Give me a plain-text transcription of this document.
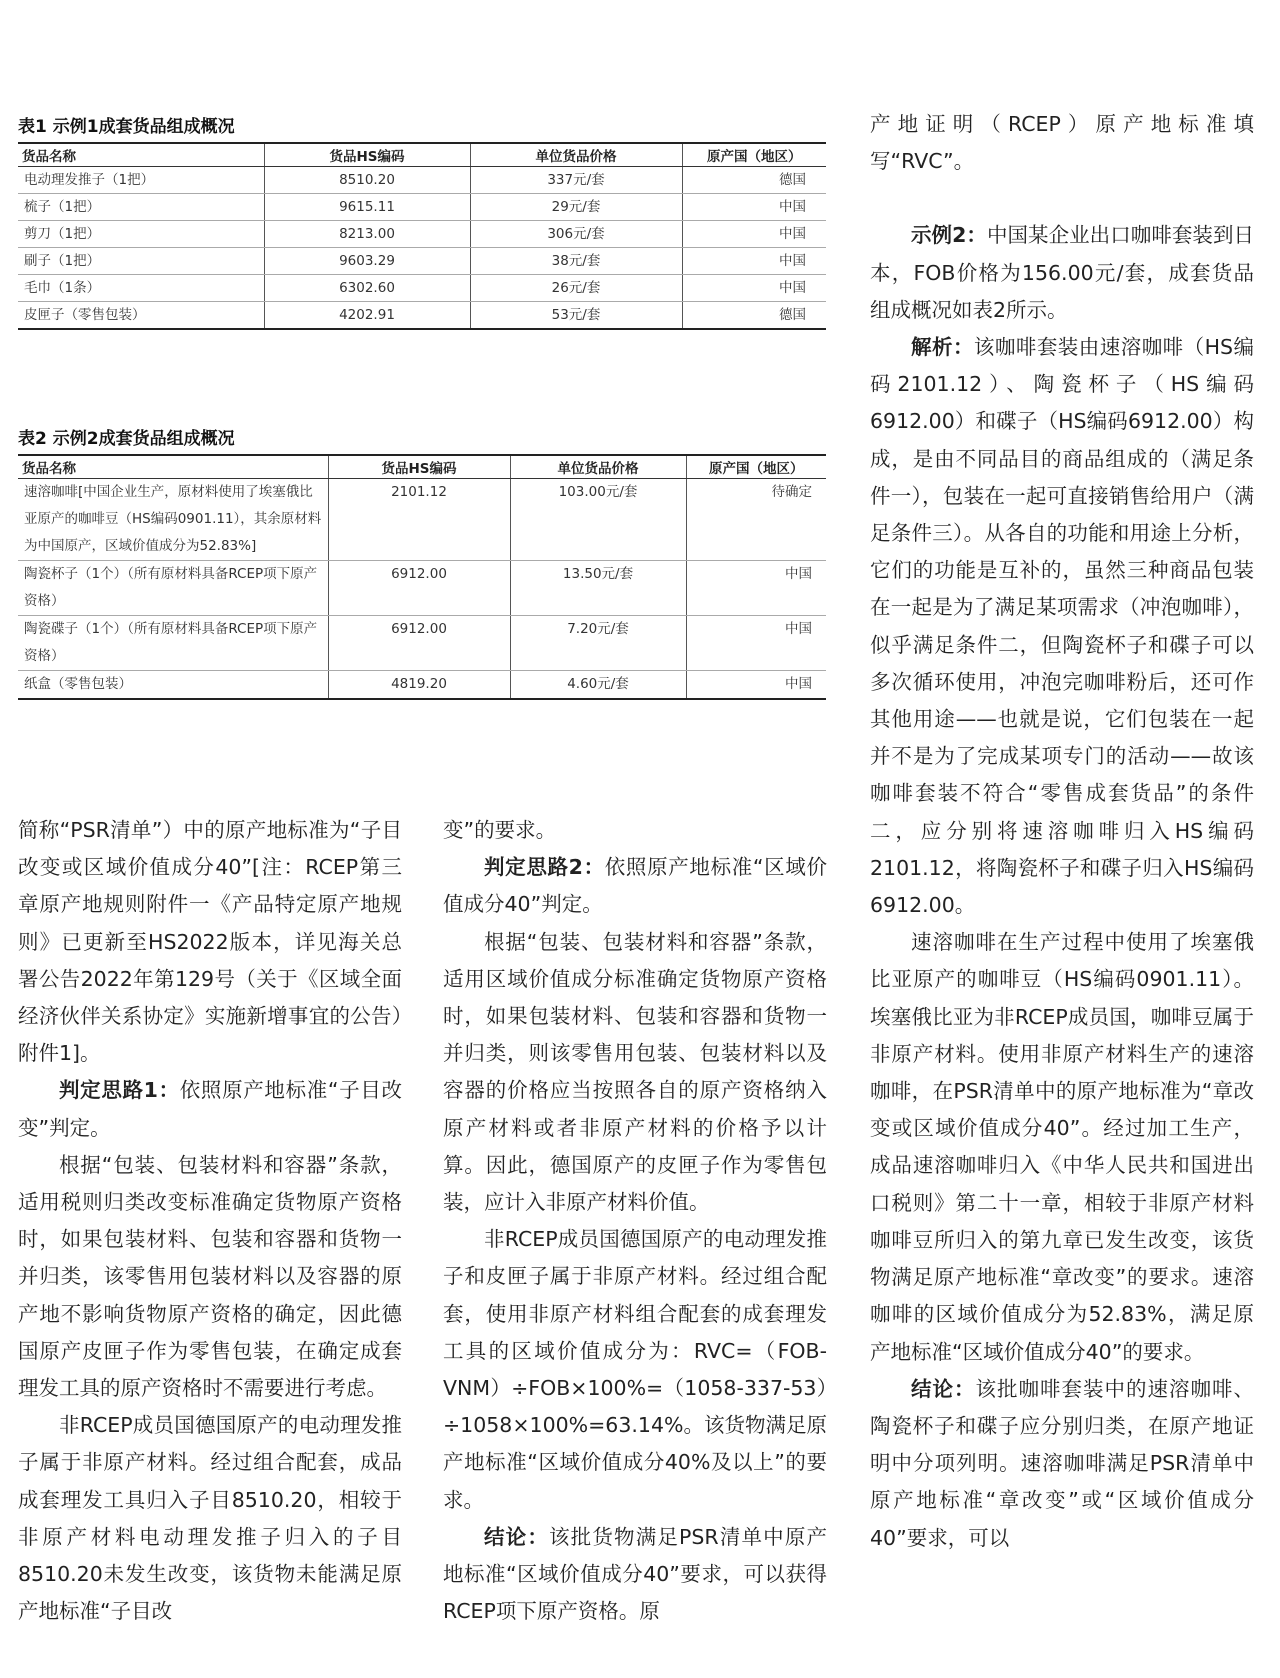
表1 示例1成套货品组成概况
货品名称	货品HS编码	单位货品价格	原产国（地区）
电动理发推子（1把）	8510.20	337元/套	德国
梳子（1把）	9615.11	29元/套	中国
剪刀（1把）	8213.00	306元/套	中国
刷子（1把）	9603.29	38元/套	中国
毛巾（1条）	6302.60	26元/套	中国
皮匣子（零售包装）	4202.91	53元/套	德国
表2 示例2成套货品组成概况
货品名称	货品HS编码	单位货品价格	原产国（地区）
速溶咖啡[中国企业生产，原材料使用了埃塞俄比亚原产的咖啡豆（HS编码0901.11），其余原材料为中国原产，区域价值成分为52.83%]	2101.12	103.00元/套	待确定
陶瓷杯子（1个）（所有原材料具备RCEP项下原产资格）	6912.00	13.50元/套	中国
陶瓷碟子（1个）（所有原材料具备RCEP项下原产资格）	6912.00	7.20元/套	中国
纸盒（零售包装）	4819.20	4.60元/套	中国

简称“PSR清单”）中的原产地标准为“子目改变或区域价值成分40”[注：RCEP第三章原产地规则附件一《产品特定原产地规则》已更新至HS2022版本，详见海关总署公告2022年第129号（关于《区域全面经济伙伴关系协定》实施新增事宜的公告）附件1]。

判定思路1：依照原产地标准“子目改变”判定。

根据“包装、包装材料和容器”条款，适用税则归类改变标准确定货物原产资格时，如果包装材料、包装和容器和货物一并归类，该零售用包装材料以及容器的原产地不影响货物原产资格的确定，因此德国原产皮匣子作为零售包装，在确定成套理发工具的原产资格时不需要进行考虑。

非RCEP成员国德国原产的电动理发推子属于非原产材料。经过组合配套，成品成套理发工具归入子目8510.20，相较于非原产材料电动理发推子归入的子目8510.20未发生改变，该货物未能满足原产地标准“子目改

变”的要求。

判定思路2：依照原产地标准“区域价值成分40”判定。

根据“包装、包装材料和容器”条款，适用区域价值成分标准确定货物原产资格时，如果包装材料、包装和容器和货物一并归类，则该零售用包装、包装材料以及容器的价格应当按照各自的原产资格纳入原产材料或者非原产材料的价格予以计算。因此，德国原产的皮匣子作为零售包装，应计入非原产材料价值。

非RCEP成员国德国原产的电动理发推子和皮匣子属于非原产材料。经过组合配套，使用非原产材料组合配套的成套理发工具的区域价值成分为：RVC=（FOB-VNM）÷FOB×100%=（1058-337-53）÷1058×100%=63.14%。该货物满足原产地标准“区域价值成分40%及以上”的要求。

结论：该批货物满足PSR清单中原产地标准“区域价值成分40”要求，可以获得RCEP项下原产资格。原

产地证明（RCEP）原产地标准填写“RVC”。

示例2：中国某企业出口咖啡套装到日本，FOB价格为156.00元/套，成套货品组成概况如表2所示。

解析：该咖啡套装由速溶咖啡（HS编码2101.12）、陶瓷杯子（HS编码6912.00）和碟子（HS编码6912.00）构成，是由不同品目的商品组成的（满足条件一），包装在一起可直接销售给用户（满足条件三）。从各自的功能和用途上分析，它们的功能是互补的，虽然三种商品包装在一起是为了满足某项需求（冲泡咖啡），似乎满足条件二，但陶瓷杯子和碟子可以多次循环使用，冲泡完咖啡粉后，还可作其他用途——也就是说，它们包装在一起并不是为了完成某项专门的活动——故该咖啡套装不符合“零售成套货品”的条件二，应分别将速溶咖啡归入HS编码2101.12，将陶瓷杯子和碟子归入HS编码6912.00。

速溶咖啡在生产过程中使用了埃塞俄比亚原产的咖啡豆（HS编码0901.11）。埃塞俄比亚为非RCEP成员国，咖啡豆属于非原产材料。使用非原产材料生产的速溶咖啡，在PSR清单中的原产地标准为“章改变或区域价值成分40”。经过加工生产，成品速溶咖啡归入《中华人民共和国进出口税则》第二十一章，相较于非原产材料咖啡豆所归入的第九章已发生改变，该货物满足原产地标准“章改变”的要求。速溶咖啡的区域价值成分为52.83%，满足原产地标准“区域价值成分40”的要求。

结论：该批咖啡套装中的速溶咖啡、陶瓷杯子和碟子应分别归类，在原产地证明中分项列明。速溶咖啡满足PSR清单中原产地标准“章改变”或“区域价值成分40”要求，可以
